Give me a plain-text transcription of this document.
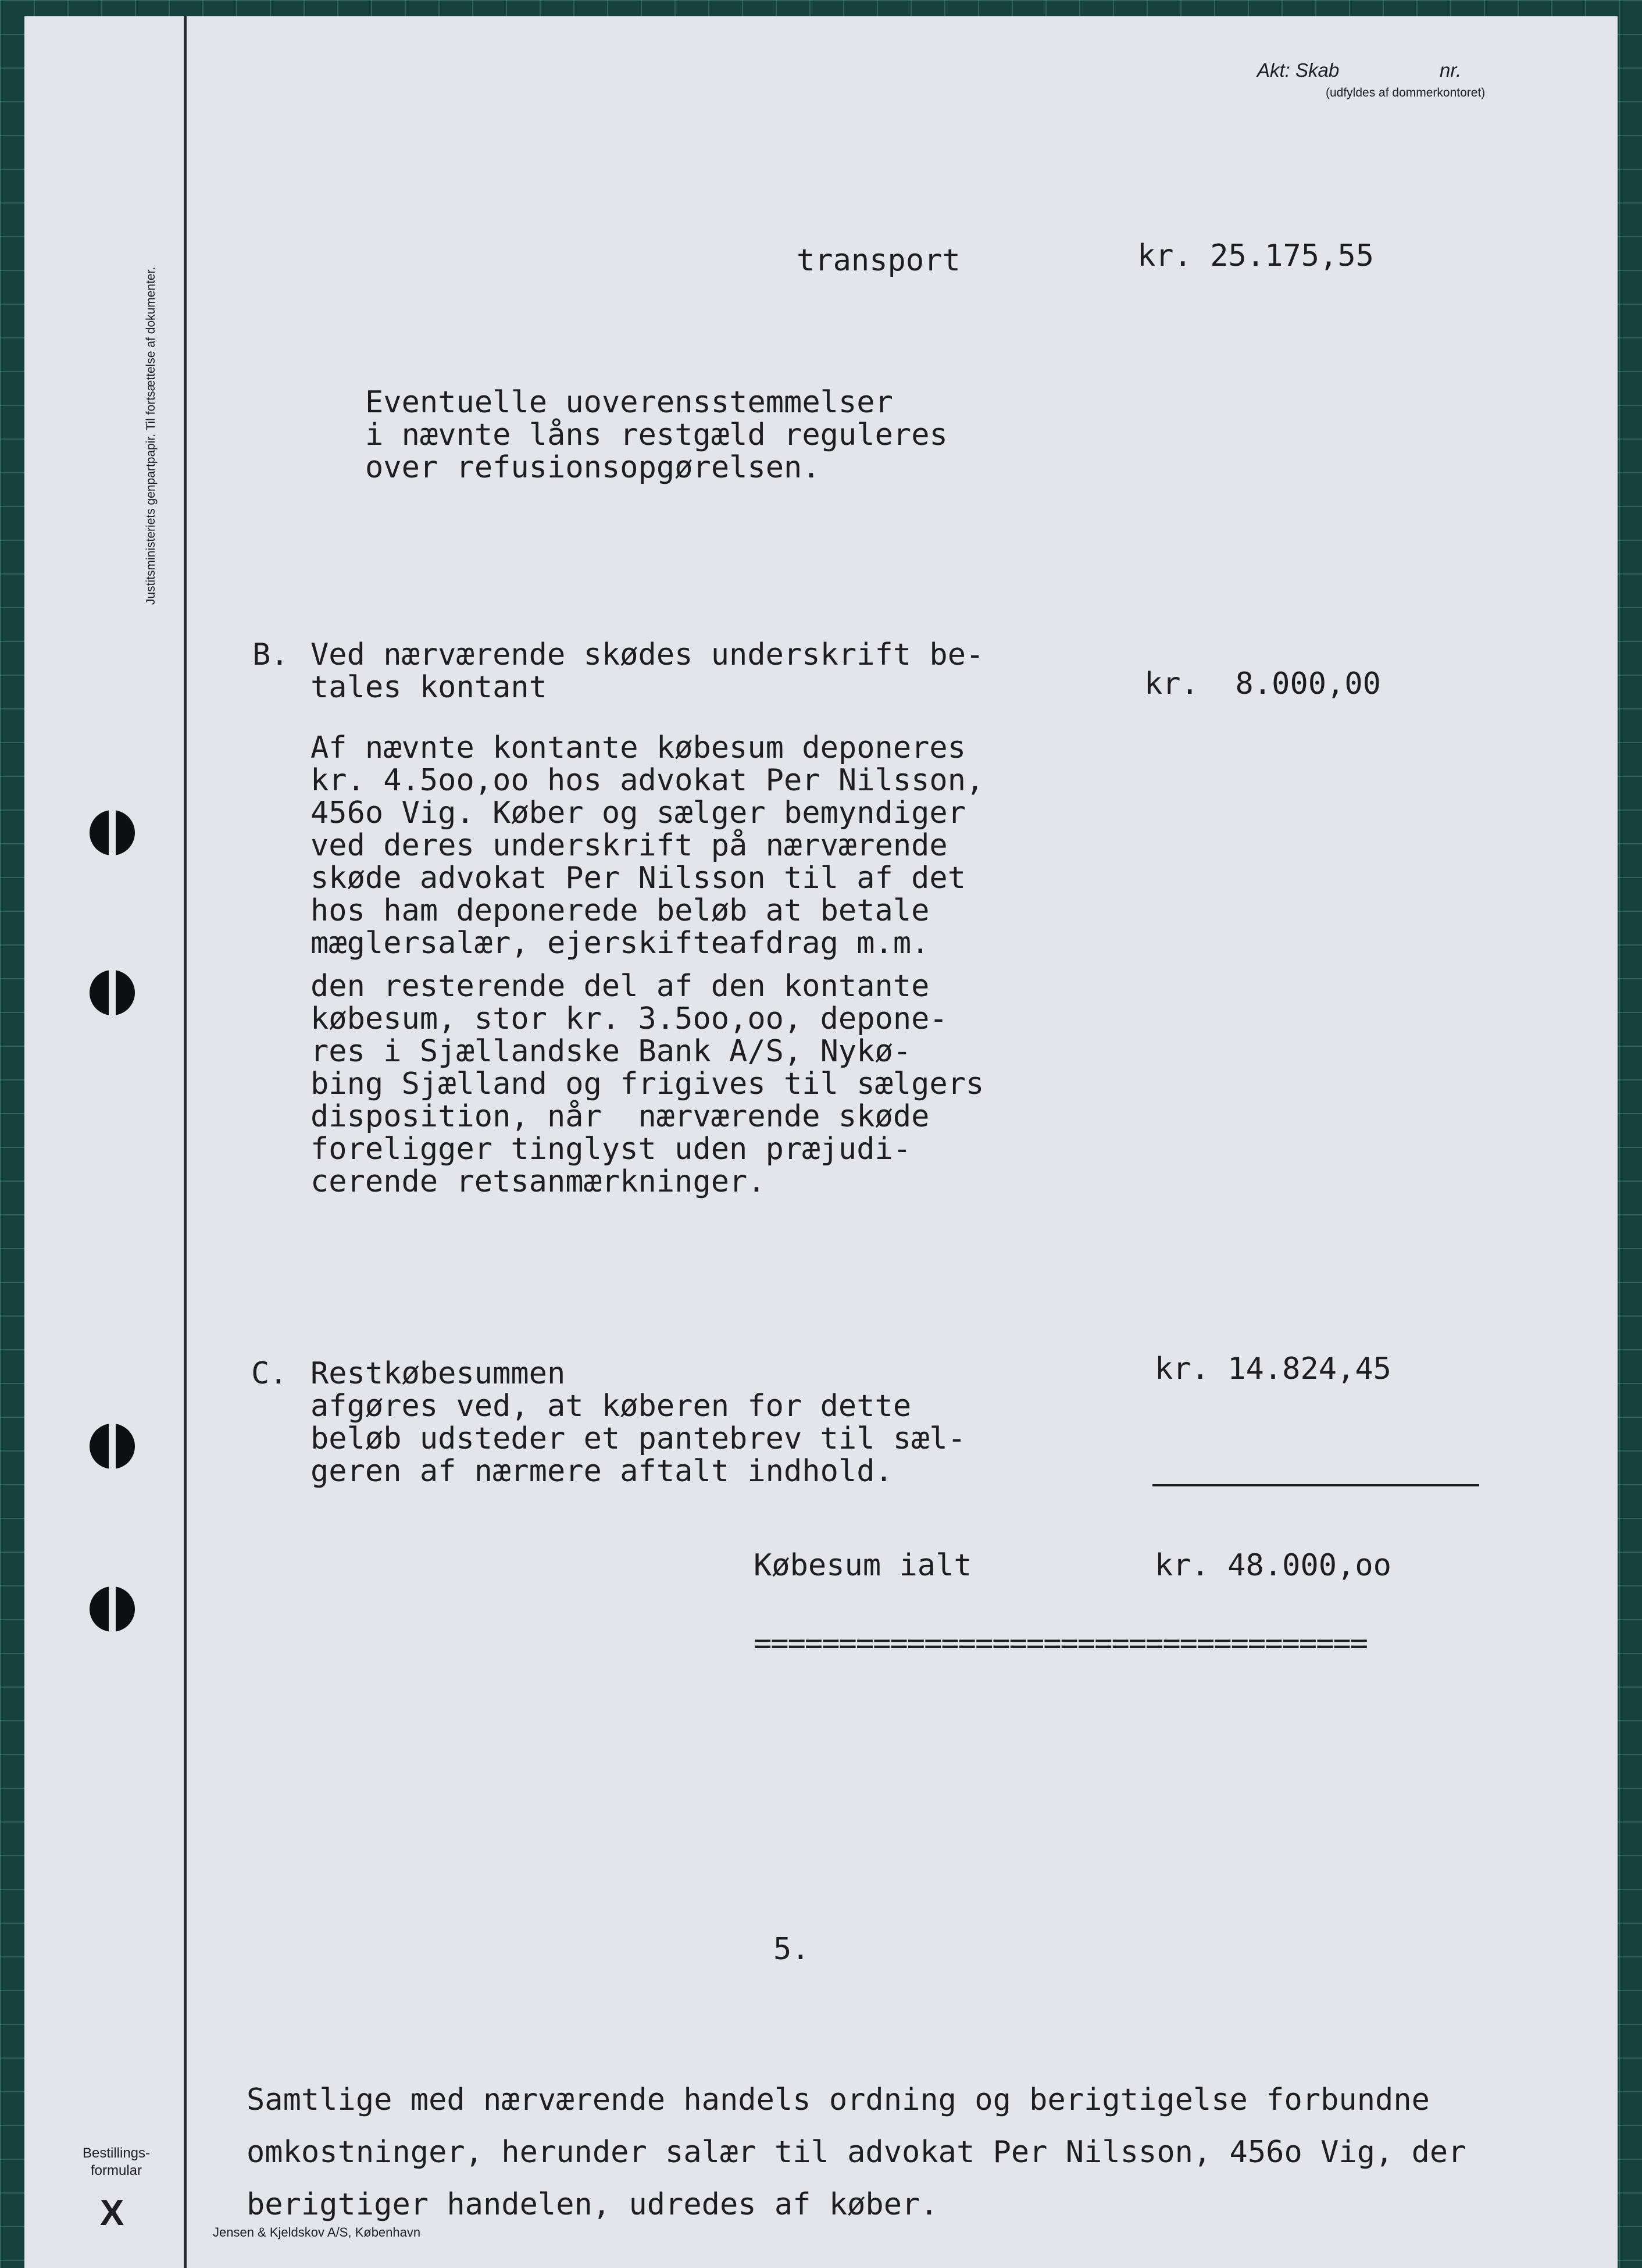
Justitsministeriets genpartpapir. Til fortsættelse af dokumenter.
Bestillings-
formular
X	Jensen & Kjeldskov A/S, København
Akt: Skab	nr.
(udfyldes af dommerkontoret)
transport	kr. 25.175,55
Eventuelle uoverensstemmelser
i nævnte låns restgæld reguleres
over refusionsopgørelsen.
B. Ved nærværende skødes underskrift be-
tales kontant	kr.  8.000,00
Af nævnte kontante købesum deponeres
kr. 4.5oo,oo hos advokat Per Nilsson,
456o Vig. Køber og sælger bemyndiger
ved deres underskrift på nærværende
skøde advokat Per Nilsson til af det
hos ham deponerede beløb at betale
mæglersalær, ejerskifteafdrag m.m.
den resterende del af den kontante
købesum, stor kr. 3.5oo,oo, depone-
res i Sjællandske Bank A/S, Nykø-
bing Sjælland og frigives til sælgers
disposition, når  nærværende skøde
foreligger tinglyst uden præjudi-
cerende retsanmærkninger.
C. Restkøbesummen
afgøres ved, at køberen for dette
beløb udsteder et pantebrev til sæl-
geren af nærmere aftalt indhold.
kr. 14.824,45
Købesum ialt	kr. 48.000,oo
====================================
5.
Samtlige med nærværende handels ordning og berigtigelse forbundne
omkostninger, herunder salær til advokat Per Nilsson, 456o Vig, der
berigtiger handelen, udredes af køber.
